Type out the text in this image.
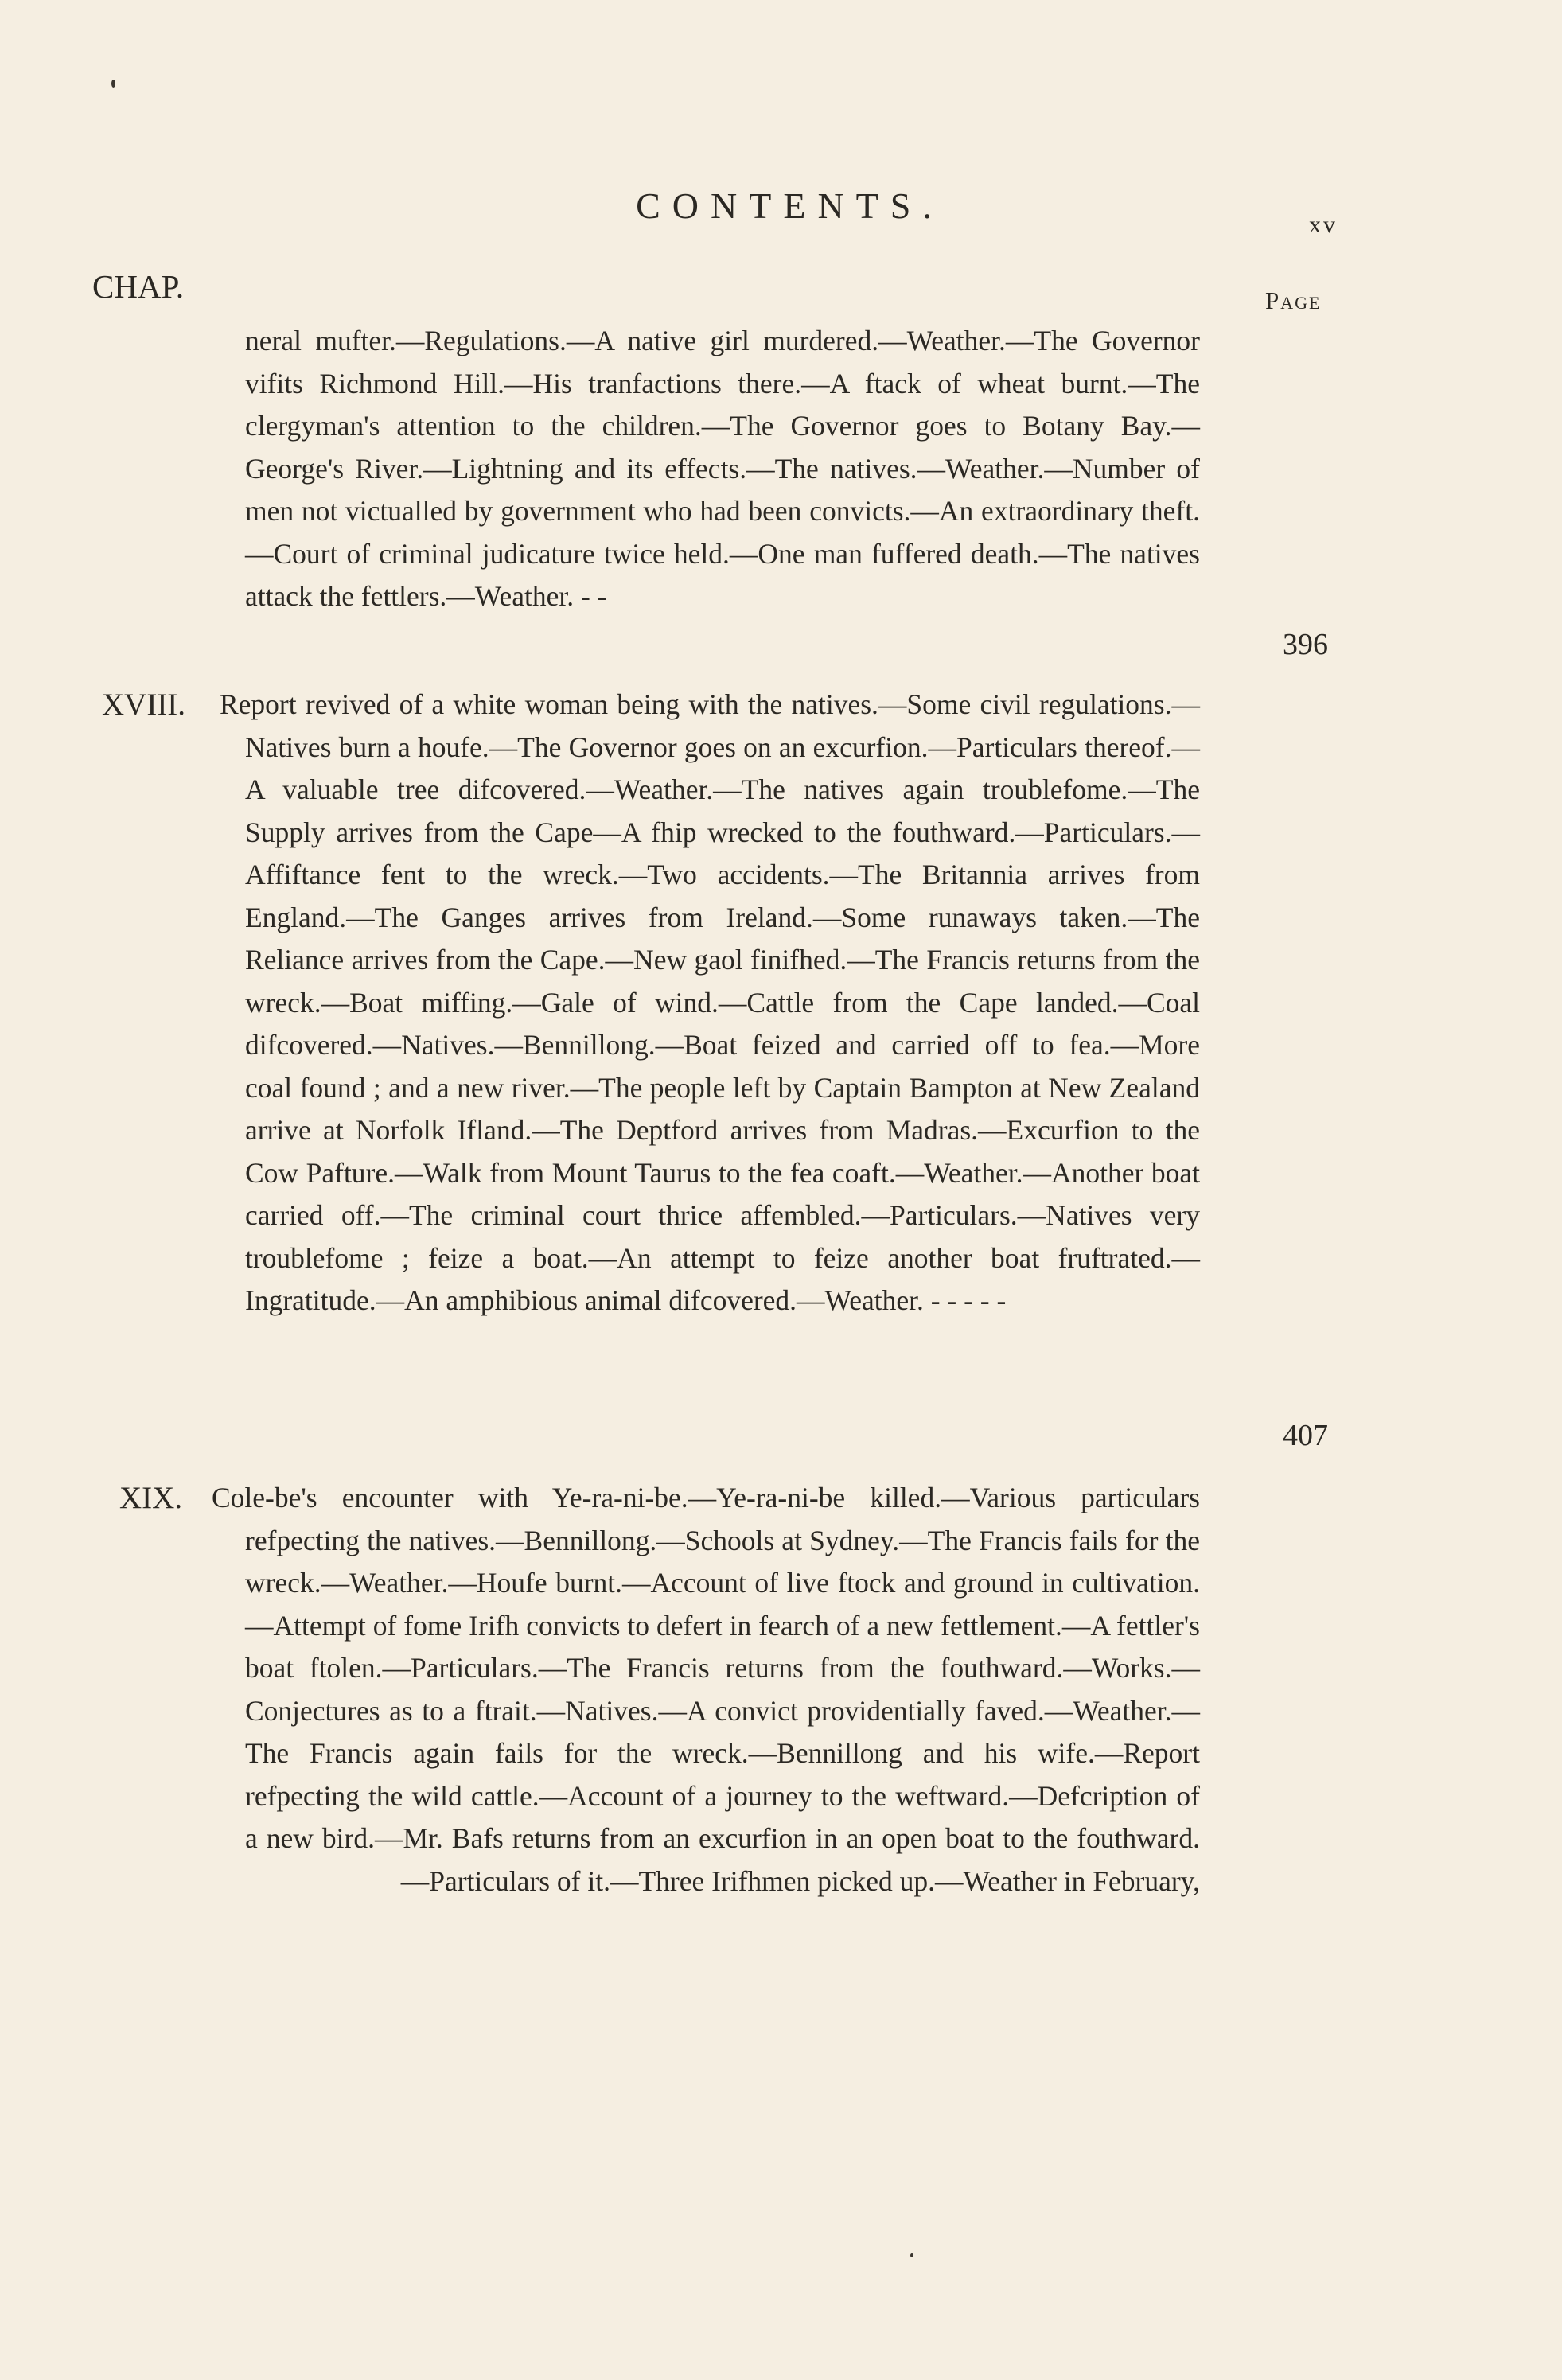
CONTENTS.	xv
CHAP.	Page
neral mufter.—Regulations.—A native girl murdered.—Weather.—The Governor vifits Richmond Hill.—His tranfactions there.—A ftack of wheat burnt.—The clergyman's attention to the children.—The Governor goes to Botany Bay.—George's River.—Lightning and its effects.—The natives.—Weather.—Number of men not victualled by government who had been convicts.—An extraordinary theft.—Court of criminal judicature twice held.—One man fuffered death.—The natives attack the fettlers.—Weather. - -
396
XVIII. Report revived of a white woman being with the natives.—Some civil regulations.—Natives burn a houfe.—The Governor goes on an excurfion.—Particulars thereof.—A valuable tree difcovered.—Weather.—The natives again troublefome.—The Supply arrives from the Cape—A fhip wrecked to the fouthward.—Particulars.—Affiftance fent to the wreck.—Two accidents.—The Britannia arrives from England.—The Ganges arrives from Ireland.—Some runaways taken.—The Reliance arrives from the Cape.—New gaol finifhed.—The Francis returns from the wreck.—Boat miffing.—Gale of wind.—Cattle from the Cape landed.—Coal difcovered.—Natives.—Bennillong.—Boat feized and carried off to fea.—More coal found ; and a new river.—The people left by Captain Bampton at New Zealand arrive at Norfolk Ifland.—The Deptford arrives from Madras.—Excurfion to the Cow Pafture.—Walk from Mount Taurus to the fea coaft.—Weather.—Another boat carried off.—The criminal court thrice affembled.—Particulars.—Natives very troublefome ; feize a boat.—An attempt to feize another boat fruftrated.—Ingratitude.—An amphibious animal difcovered.—Weather. - - - - -
407
XIX. Cole-be's encounter with Ye-ra-ni-be.—Ye-ra-ni-be killed.—Various particulars refpecting the natives.—Bennillong.—Schools at Sydney.—The Francis fails for the wreck.—Weather.—Houfe burnt.—Account of live ftock and ground in cultivation.—Attempt of fome Irifh convicts to defert in fearch of a new fettlement.—A fettler's boat ftolen.—Particulars.—The Francis returns from the fouthward.—Works.—Conjectures as to a ftrait.—Natives.—A convict providentially faved.—Weather.—The Francis again fails for the wreck.—Bennillong and his wife.—Report refpecting the wild cattle.—Account of a journey to the weftward.—Defcription of a new bird.—Mr. Bafs returns from an excurfion in an open boat to the fouthward.—Particulars of it.—Three Irifhmen picked up.—Weather in February,
